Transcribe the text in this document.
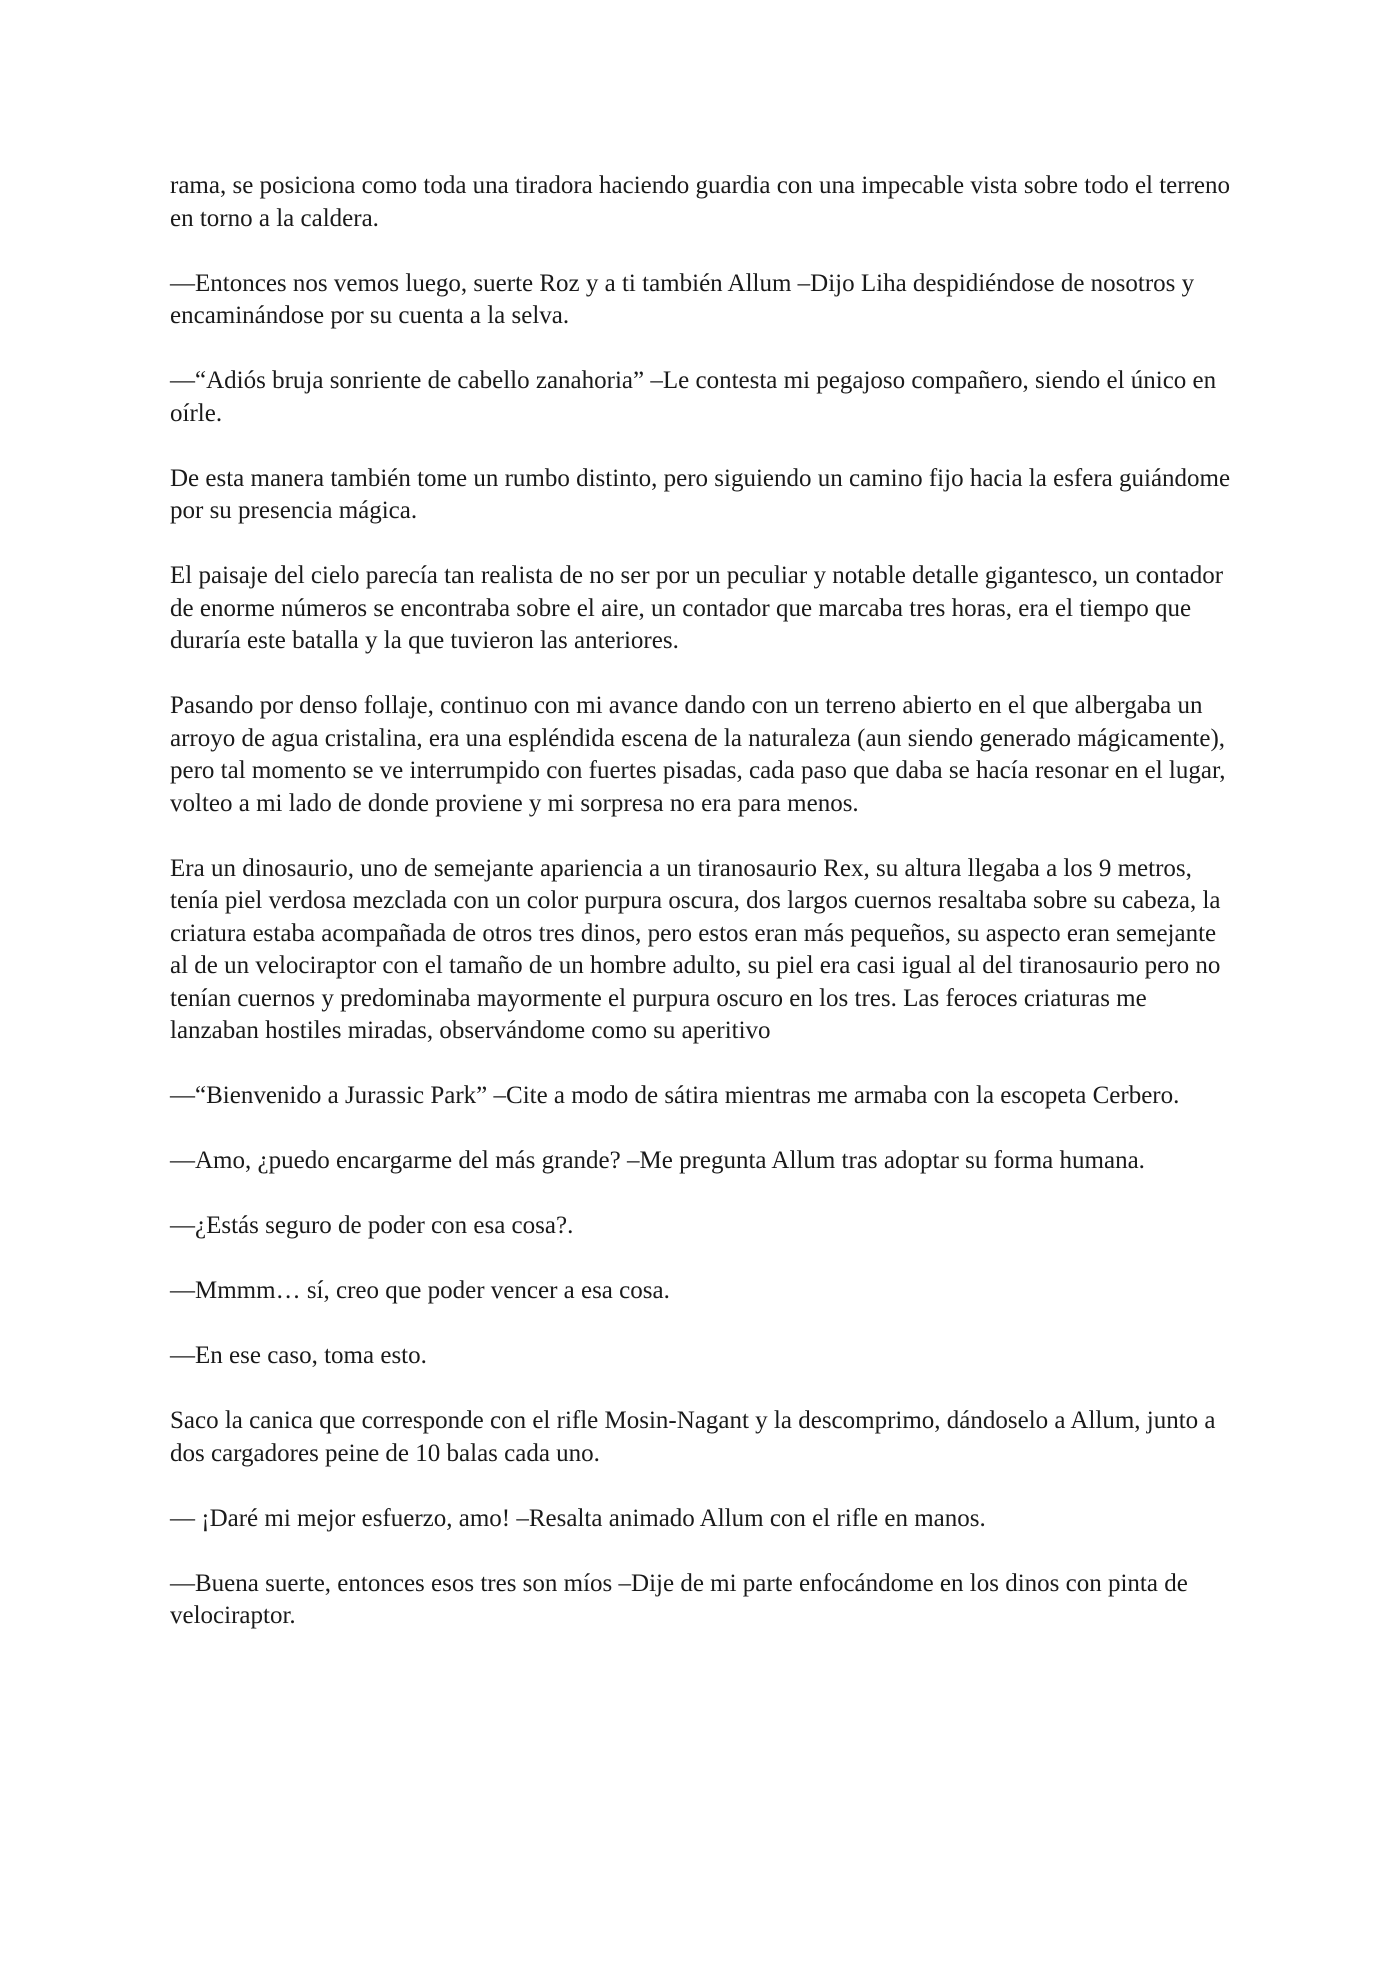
rama, se posiciona como toda una tiradora haciendo guardia con una impecable vista sobre todo el terreno en torno a la caldera.

—Entonces nos vemos luego, suerte Roz y a ti también Allum –Dijo Liha despidiéndose de nosotros y encaminándose por su cuenta a la selva.

—“Adiós bruja sonriente de cabello zanahoria” –Le contesta mi pegajoso compañero, siendo el único en oírle.

De esta manera también tome un rumbo distinto, pero siguiendo un camino fijo hacia la esfera guiándome por su presencia mágica.

El paisaje del cielo parecía tan realista de no ser por un peculiar y notable detalle gigantesco, un contador de enorme números se encontraba sobre el aire, un contador que marcaba tres horas, era el tiempo que duraría este batalla y la que tuvieron las anteriores.

Pasando por denso follaje, continuo con mi avance dando con un terreno abierto en el que albergaba un arroyo de agua cristalina, era una espléndida escena de la naturaleza (aun siendo generado mágicamente), pero tal momento se ve interrumpido con fuertes pisadas, cada paso que daba se hacía resonar en el lugar, volteo a mi lado de donde proviene y mi sorpresa no era para menos.

Era un dinosaurio, uno de semejante apariencia a un tiranosaurio Rex, su altura llegaba a los 9 metros, tenía piel verdosa mezclada con un color purpura oscura, dos largos cuernos resaltaba sobre su cabeza, la criatura estaba acompañada de otros tres dinos, pero estos eran más pequeños, su aspecto eran semejante al de un velociraptor con el tamaño de un hombre adulto, su piel era casi igual al del tiranosaurio pero no tenían cuernos y predominaba mayormente el purpura oscuro en los tres. Las feroces criaturas me lanzaban hostiles miradas, observándome como su aperitivo

—“Bienvenido a Jurassic Park” –Cite a modo de sátira mientras me armaba con la escopeta Cerbero.

—Amo, ¿puedo encargarme del más grande? –Me pregunta Allum tras adoptar su forma humana.

—¿Estás seguro de poder con esa cosa?.

—Mmmm… sí, creo que poder vencer a esa cosa.

—En ese caso, toma esto.

Saco la canica que corresponde con el rifle Mosin-Nagant y la descomprimo, dándoselo a Allum, junto a dos cargadores peine de 10 balas cada uno.

— ¡Daré mi mejor esfuerzo, amo! –Resalta animado Allum con el rifle en manos.

—Buena suerte, entonces esos tres son míos –Dije de mi parte enfocándome en los dinos con pinta de velociraptor.
